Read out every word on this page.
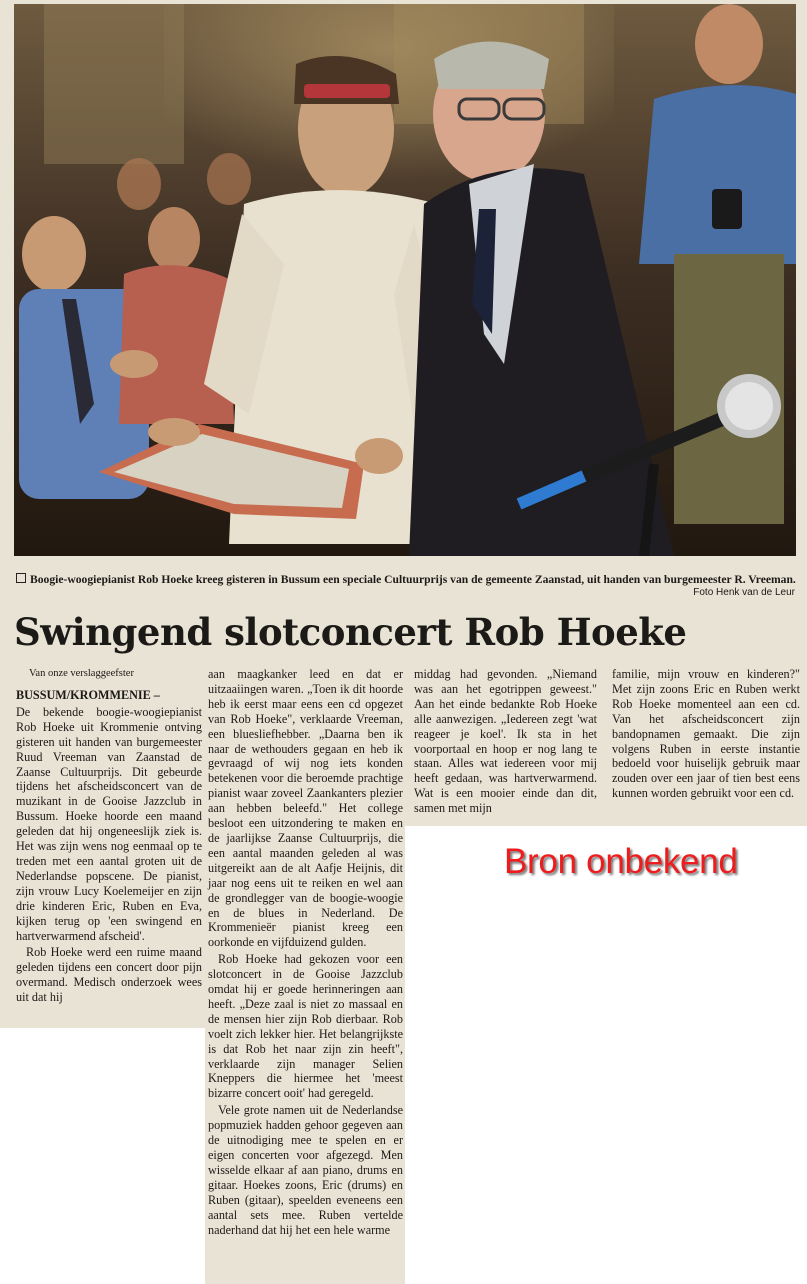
Boogie-woogiepianist Rob Hoeke kreeg gisteren in Bussum een speciale Cultuurprijs van de gemeente Zaanstad, uit handen van burgemeester R. Vreeman.
Foto Henk van de Leur
Swingend slotconcert Rob Hoeke
Van onze verslaggeefster

BUSSUM/KROMMENIE –

De bekende boogie-woogiepianist Rob Hoeke uit Krommenie ontving gisteren uit handen van burgemeester Ruud Vreeman van Zaanstad de Zaanse Cultuurprijs. Dit gebeurde tijdens het afscheidsconcert van de muzikant in de Gooise Jazzclub in Bussum. Hoeke hoorde een maand geleden dat hij ongeneeslijk ziek is. Het was zijn wens nog eenmaal op te treden met een aantal groten uit de Nederlandse popscene. De pianist, zijn vrouw Lucy Koelemeijer en zijn drie kinderen Eric, Ruben en Eva, kijken terug op 'een swingend en hartverwarmend afscheid'.

Rob Hoeke werd een ruime maand geleden tijdens een concert door pijn overmand. Medisch onderzoek wees uit dat hij

aan maagkanker leed en dat er uitzaaiingen waren. „Toen ik dit hoorde heb ik eerst maar eens een cd opgezet van Rob Hoeke", verklaarde Vreeman, een bluesliefhebber. „Daarna ben ik naar de wethouders gegaan en heb ik gevraagd of wij nog iets konden betekenen voor die beroemde prachtige pianist waar zoveel Zaankanters plezier aan hebben beleefd." Het college besloot een uitzondering te maken en de jaarlijkse Zaanse Cultuurprijs, die een aantal maanden geleden al was uitgereikt aan de alt Aafje Heijnis, dit jaar nog eens uit te reiken en wel aan de grondlegger van de boogie-woogie en de blues in Nederland. De Krommenieër pianist kreeg een oorkonde en vijfduizend gulden.

Rob Hoeke had gekozen voor een slotconcert in de Gooise Jazzclub omdat hij er goede herinneringen aan heeft. „Deze zaal is niet zo massaal en de mensen hier zijn Rob dierbaar. Rob voelt zich lekker hier. Het belangrijkste is dat Rob het naar zijn zin heeft", verklaarde zijn manager Selien Kneppers die hiermee het 'meest bizarre concert ooit' had geregeld.

Vele grote namen uit de Nederlandse popmuziek hadden gehoor gegeven aan de uitnodiging mee te spelen en er eigen concerten voor afgezegd. Men wisselde elkaar af aan piano, drums en gitaar. Hoekes zoons, Eric (drums) en Ruben (gitaar), speelden eveneens een aantal sets mee. Ruben vertelde naderhand dat hij het een hele warme

middag had gevonden. „Niemand was aan het egotrippen geweest." Aan het einde bedankte Rob Hoeke alle aanwezigen. „Iedereen zegt 'wat reageer je koel'. Ik sta in het voorportaal en hoop er nog lang te staan. Alles wat iedereen voor mij heeft gedaan, was hartverwarmend. Wat is een mooier einde dan dit, samen met mijn

familie, mijn vrouw en kinderen?" Met zijn zoons Eric en Ruben werkt Rob Hoeke momenteel aan een cd. Van het afscheidsconcert zijn bandopnamen gemaakt. Die zijn volgens Ruben in eerste instantie bedoeld voor huiselijk gebruik maar zouden over een jaar of tien best eens kunnen worden gebruikt voor een cd.

Bron onbekend
